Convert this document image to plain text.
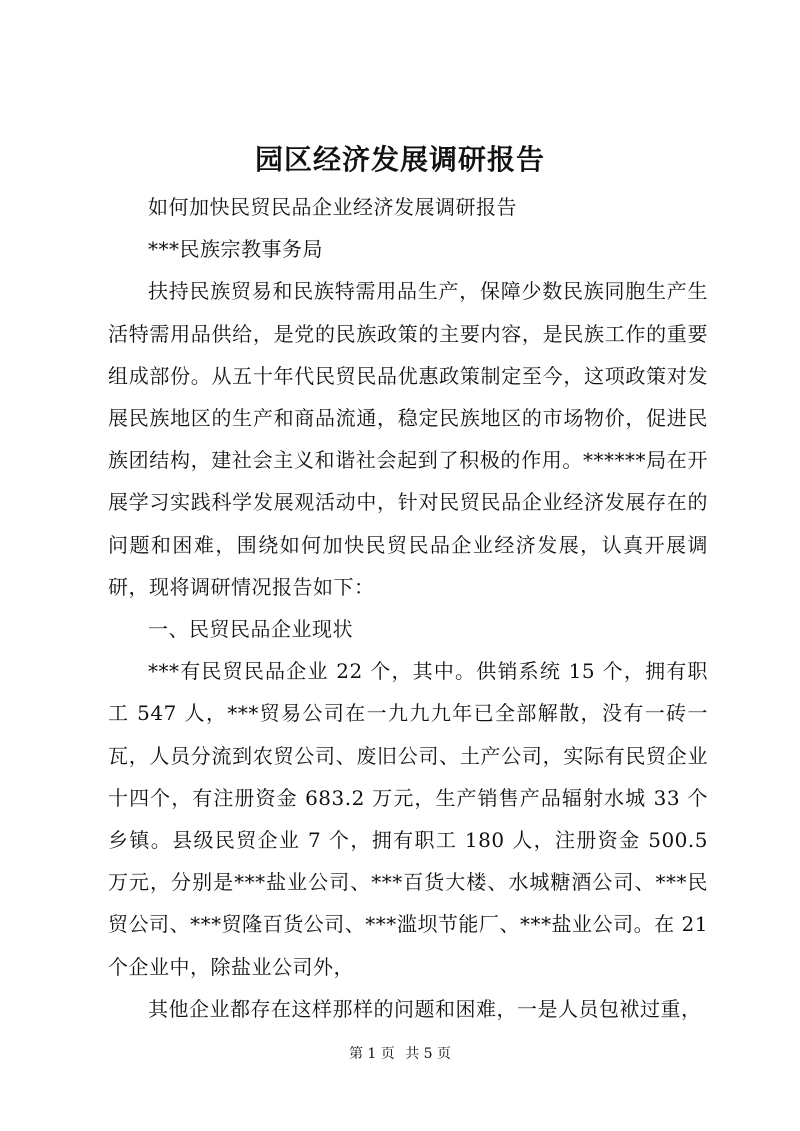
园区经济发展调研报告

如何加快民贸民品企业经济发展调研报告

***民族宗教事务局

扶持民族贸易和民族特需用品生产，保障少数民族同胞生产生活特需用品供给，是党的民族政策的主要内容，是民族工作的重要组成部份。从五十年代民贸民品优惠政策制定至今，这项政策对发展民族地区的生产和商品流通，稳定民族地区的市场物价，促进民族团结构，建社会主义和谐社会起到了积极的作用。******局在开展学习实践科学发展观活动中，针对民贸民品企业经济发展存在的问题和困难，围绕如何加快民贸民品企业经济发展，认真开展调研，现将调研情况报告如下：

一、民贸民品企业现状

***有民贸民品企业 22 个，其中。供销系统 15 个，拥有职工 547 人，***贸易公司在一九九九年已全部解散，没有一砖一瓦，人员分流到农贸公司、废旧公司、土产公司，实际有民贸企业十四个，有注册资金 683.2 万元，生产销售产品辐射水城 33 个乡镇。县级民贸企业 7 个，拥有职工 180 人，注册资金 500.5 万元，分别是***盐业公司、***百货大楼、水城糖酒公司、***民贸公司、***贸隆百货公司、***滥坝节能厂、***盐业公司。在 21 个企业中，除盐业公司外，

其他企业都存在这样那样的问题和困难，一是人员包袱过重，

第 1 页 共 5 页
